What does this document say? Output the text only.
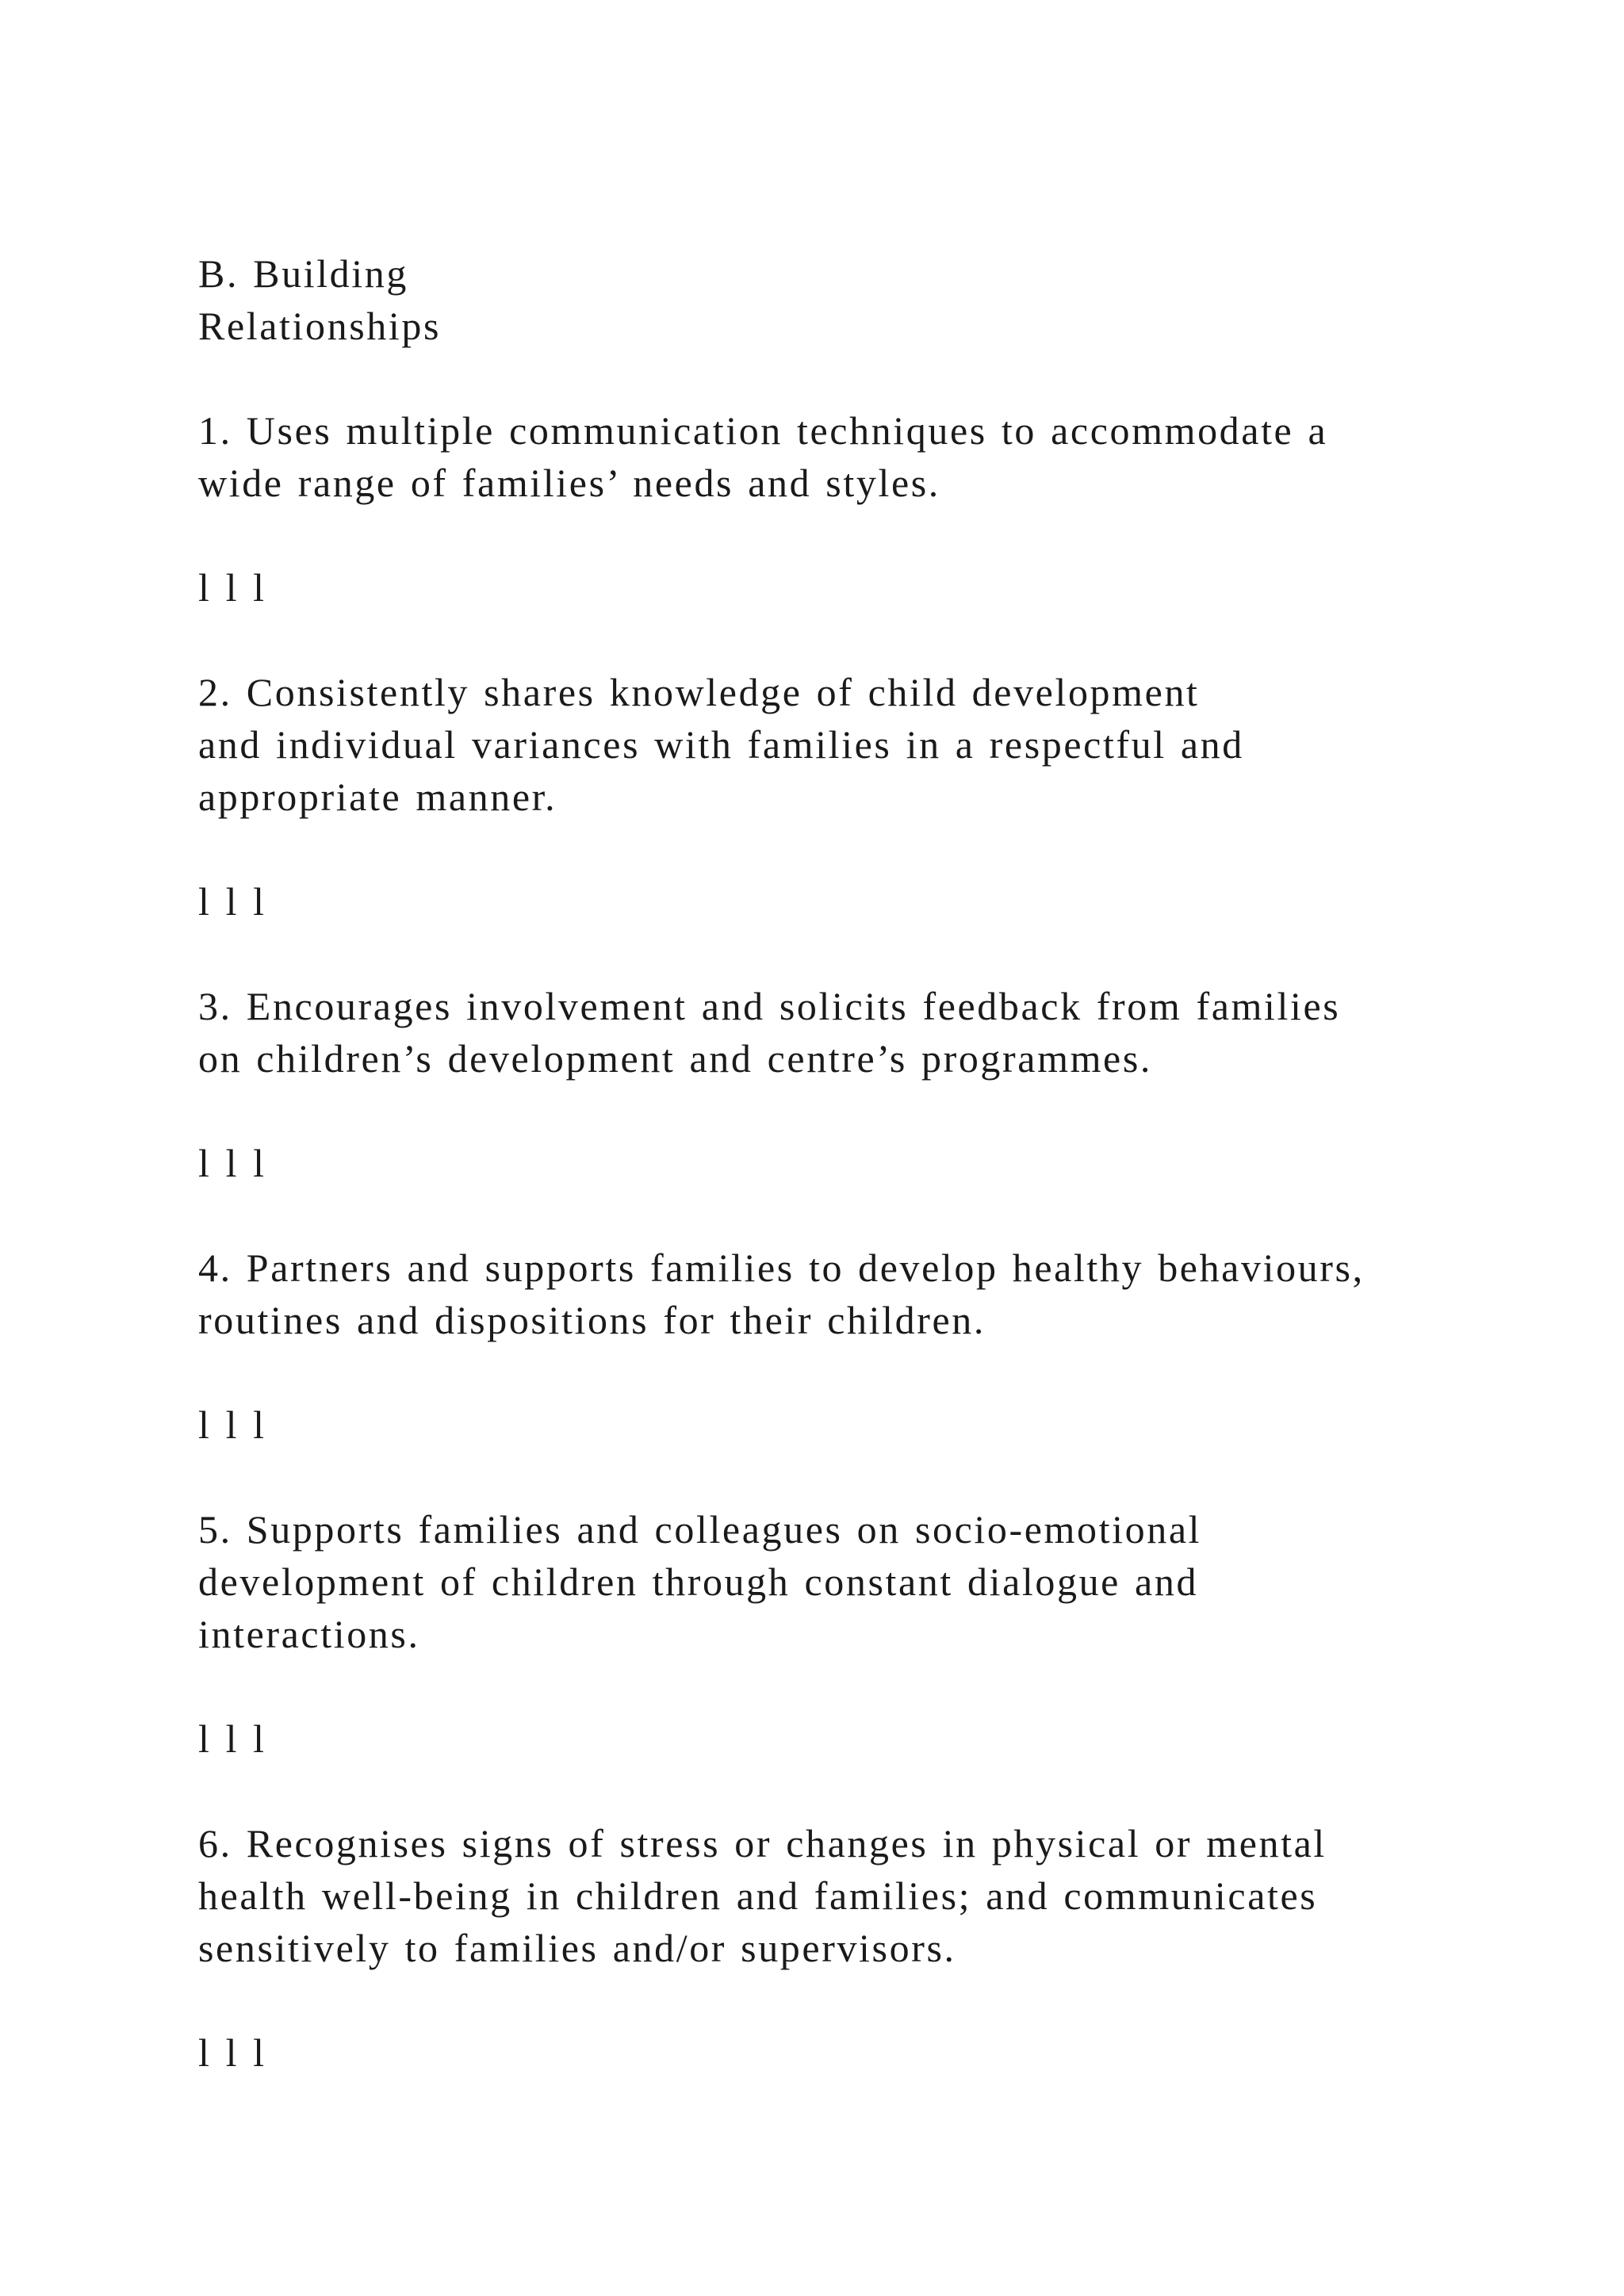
B. Building
Relationships
1. Uses multiple communication techniques to accommodate a
wide range of families’ needs and styles.
l l l
2. Consistently shares knowledge of child development
and individual variances with families in a respectful and
appropriate manner.
l l l
3. Encourages involvement and solicits feedback from families
on children’s development and centre’s programmes.
l l l
4. Partners and supports families to develop healthy behaviours,
routines and dispositions for their children.
l l l
5. Supports families and colleagues on socio-emotional
development of children through constant dialogue and
interactions.
l l l
6. Recognises signs of stress or changes in physical or mental
health well-being in children and families; and communicates
sensitively to families and/or supervisors.
l l l
